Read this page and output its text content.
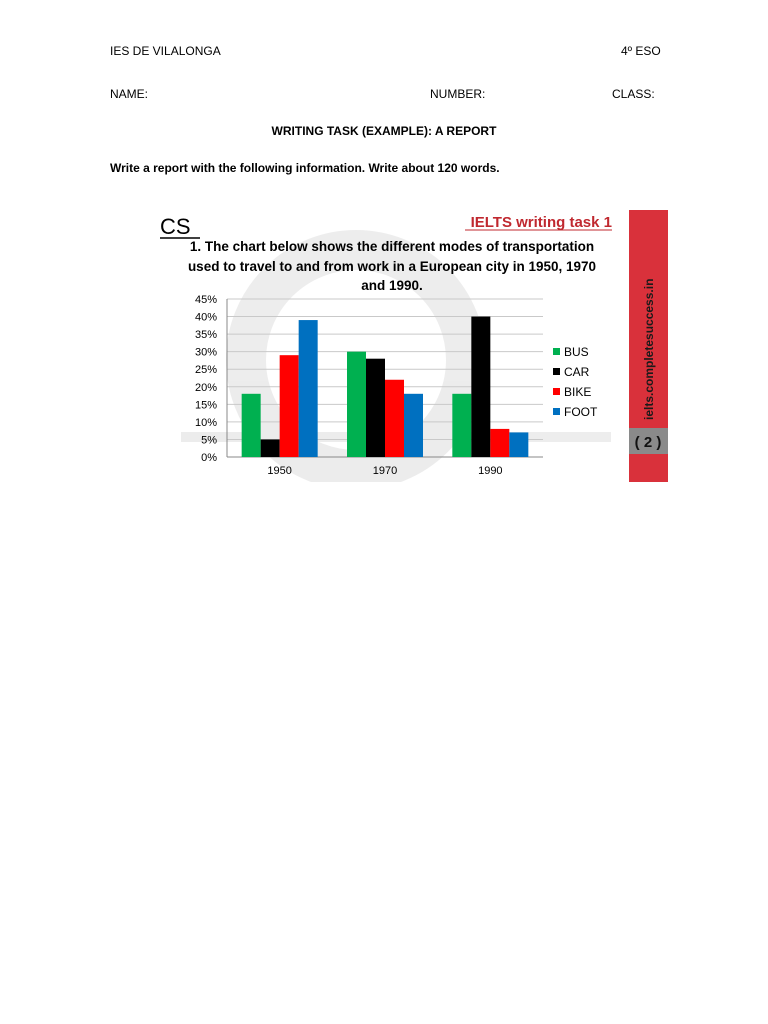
IES DE VILALONGA	4º ESO
NAME:	NUMBER:	CLASS:
WRITING TASK (EXAMPLE): A REPORT
Write a report with the following information. Write about 120 words.
CS	IELTS writing task 1
1. The chart below shows the different modes of transportation
used to travel to and from work in a European city in 1950, 1970
and 1990.	ielts.completesuccess.in
( 2 )
0%
5%
10%
15%
20%
25%
30%
35%
40%
45%
1950	1970	1990
BUS
CAR
BIKE
FOOT
